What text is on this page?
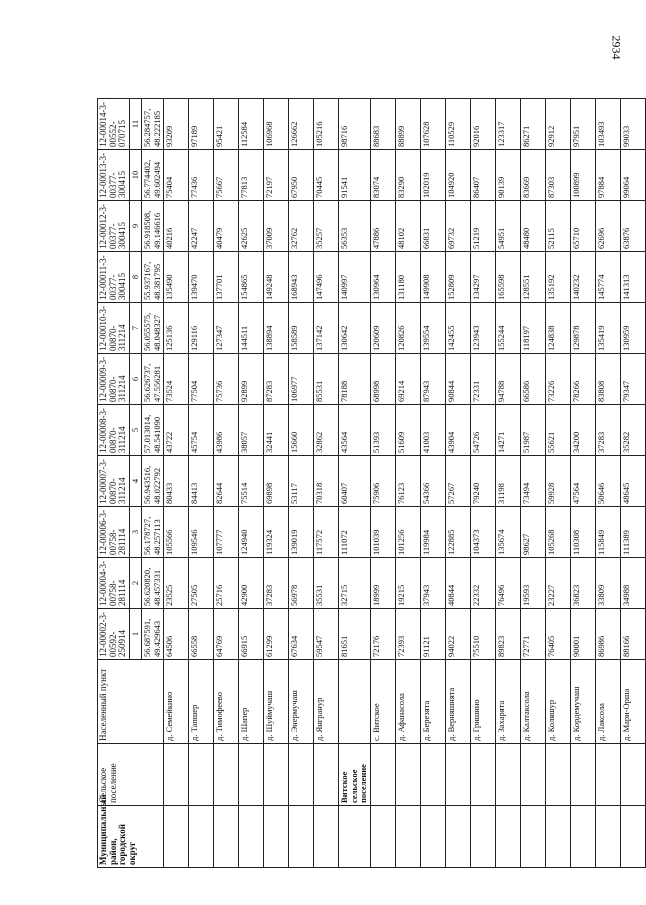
2934
Муниципальный район, городской округ	Сельское поселение	Населенный пункт	12-00002-3-00592-250914	12-00004-3-00758-281114	12-00006-3-00758-281114	12-00007-3-00870-311214	12-00008-3-00870-311214	12-00009-3-00870-311214	12-00010-3-00870-311214	12-00011-3-00377-300415	12-00012-3-00377-300415	12-00013-3-00377-300415	12-00014-3-00552-070715
			1	2	3	4	5	6	7	8	9	10	11
			56.687591, 49.429643	56.620820, 48.457331	56.178727, 48.257113	56.943516, 48.022792	57.013014, 48.541090	56.626737, 47.556281	56.055575, 48.048327	55.937167, 48.381795	56.918508, 49.146616	56.774402, 49.602494	56.284757, 48.222185
		д. Семейкино	64506	23525	105566	80433	43722	73524	125136	135490	40216	75404	93209
		д. Тапшер	66558	27505	109546	84413	45754	77504	129116	139470	42247	77436	97189
		д. Тимофеево	64769	25716	107777	82644	43986	75736	127347	137701	40479	75667	95421
		д. Шапер	66915	42900	124940	75514	38057	92899	144511	154865	42625	77813	112584
		д. Шуймучаш	61299	37283	119324	69898	32441	87283	138894	149248	37009	72197	106968
		д. Энермучаш	67634	56978	139019	53117	15660	106977	158589	168943	32762	67950	126662
		д. Янгранур	59547	35531	117572	70318	32862	85531	137142	147496	35257	70445	105216
	Витское сельское поселение		81651	32715	111072	60407	43564	78188	130642	140997	56353	91541	98716
		с. Витское	72176	18999	101039	75906	51393	68998	120609	130964	47886	83074	88683
		д. Афанасола	72393	19215	101256	76123	51609	69214	120826	131180	48102	83290	88899
		д. Березята	91121	37943	119984	54366	41003	87943	139554	149908	66831	102019	107628
		д. Верняшнята	94022	40844	122885	57267	43904	90844	142455	152809	69732	104920	110529
		д. Гришино	75510	22332	104373	79240	54726	72331	123943	134297	51219	86407	92016
		д. Захарята	89823	76496	135674	31198	14271	94788	155244	165598	54951	90139	123317
		д. Калтаксола	72771	19593	98627	73494	51987	66586	118197	128551	48480	83669	86271
		д. Коляшур	76405	23227	105268	59928	55621	73226	124838	135192	52115	87303	92912
		д. Кордемучаш	90001	36823	110308	47564	34200	78266	129878	140232	65710	100899	97951
		д. Лаксола	86986	33809	115849	50646	37283	83808	135419	145774	62696	97884	103493
		д. Мари-Орша	88166	34988	111389	48645	35282	79347	130959	141313	63876	99064	99033
